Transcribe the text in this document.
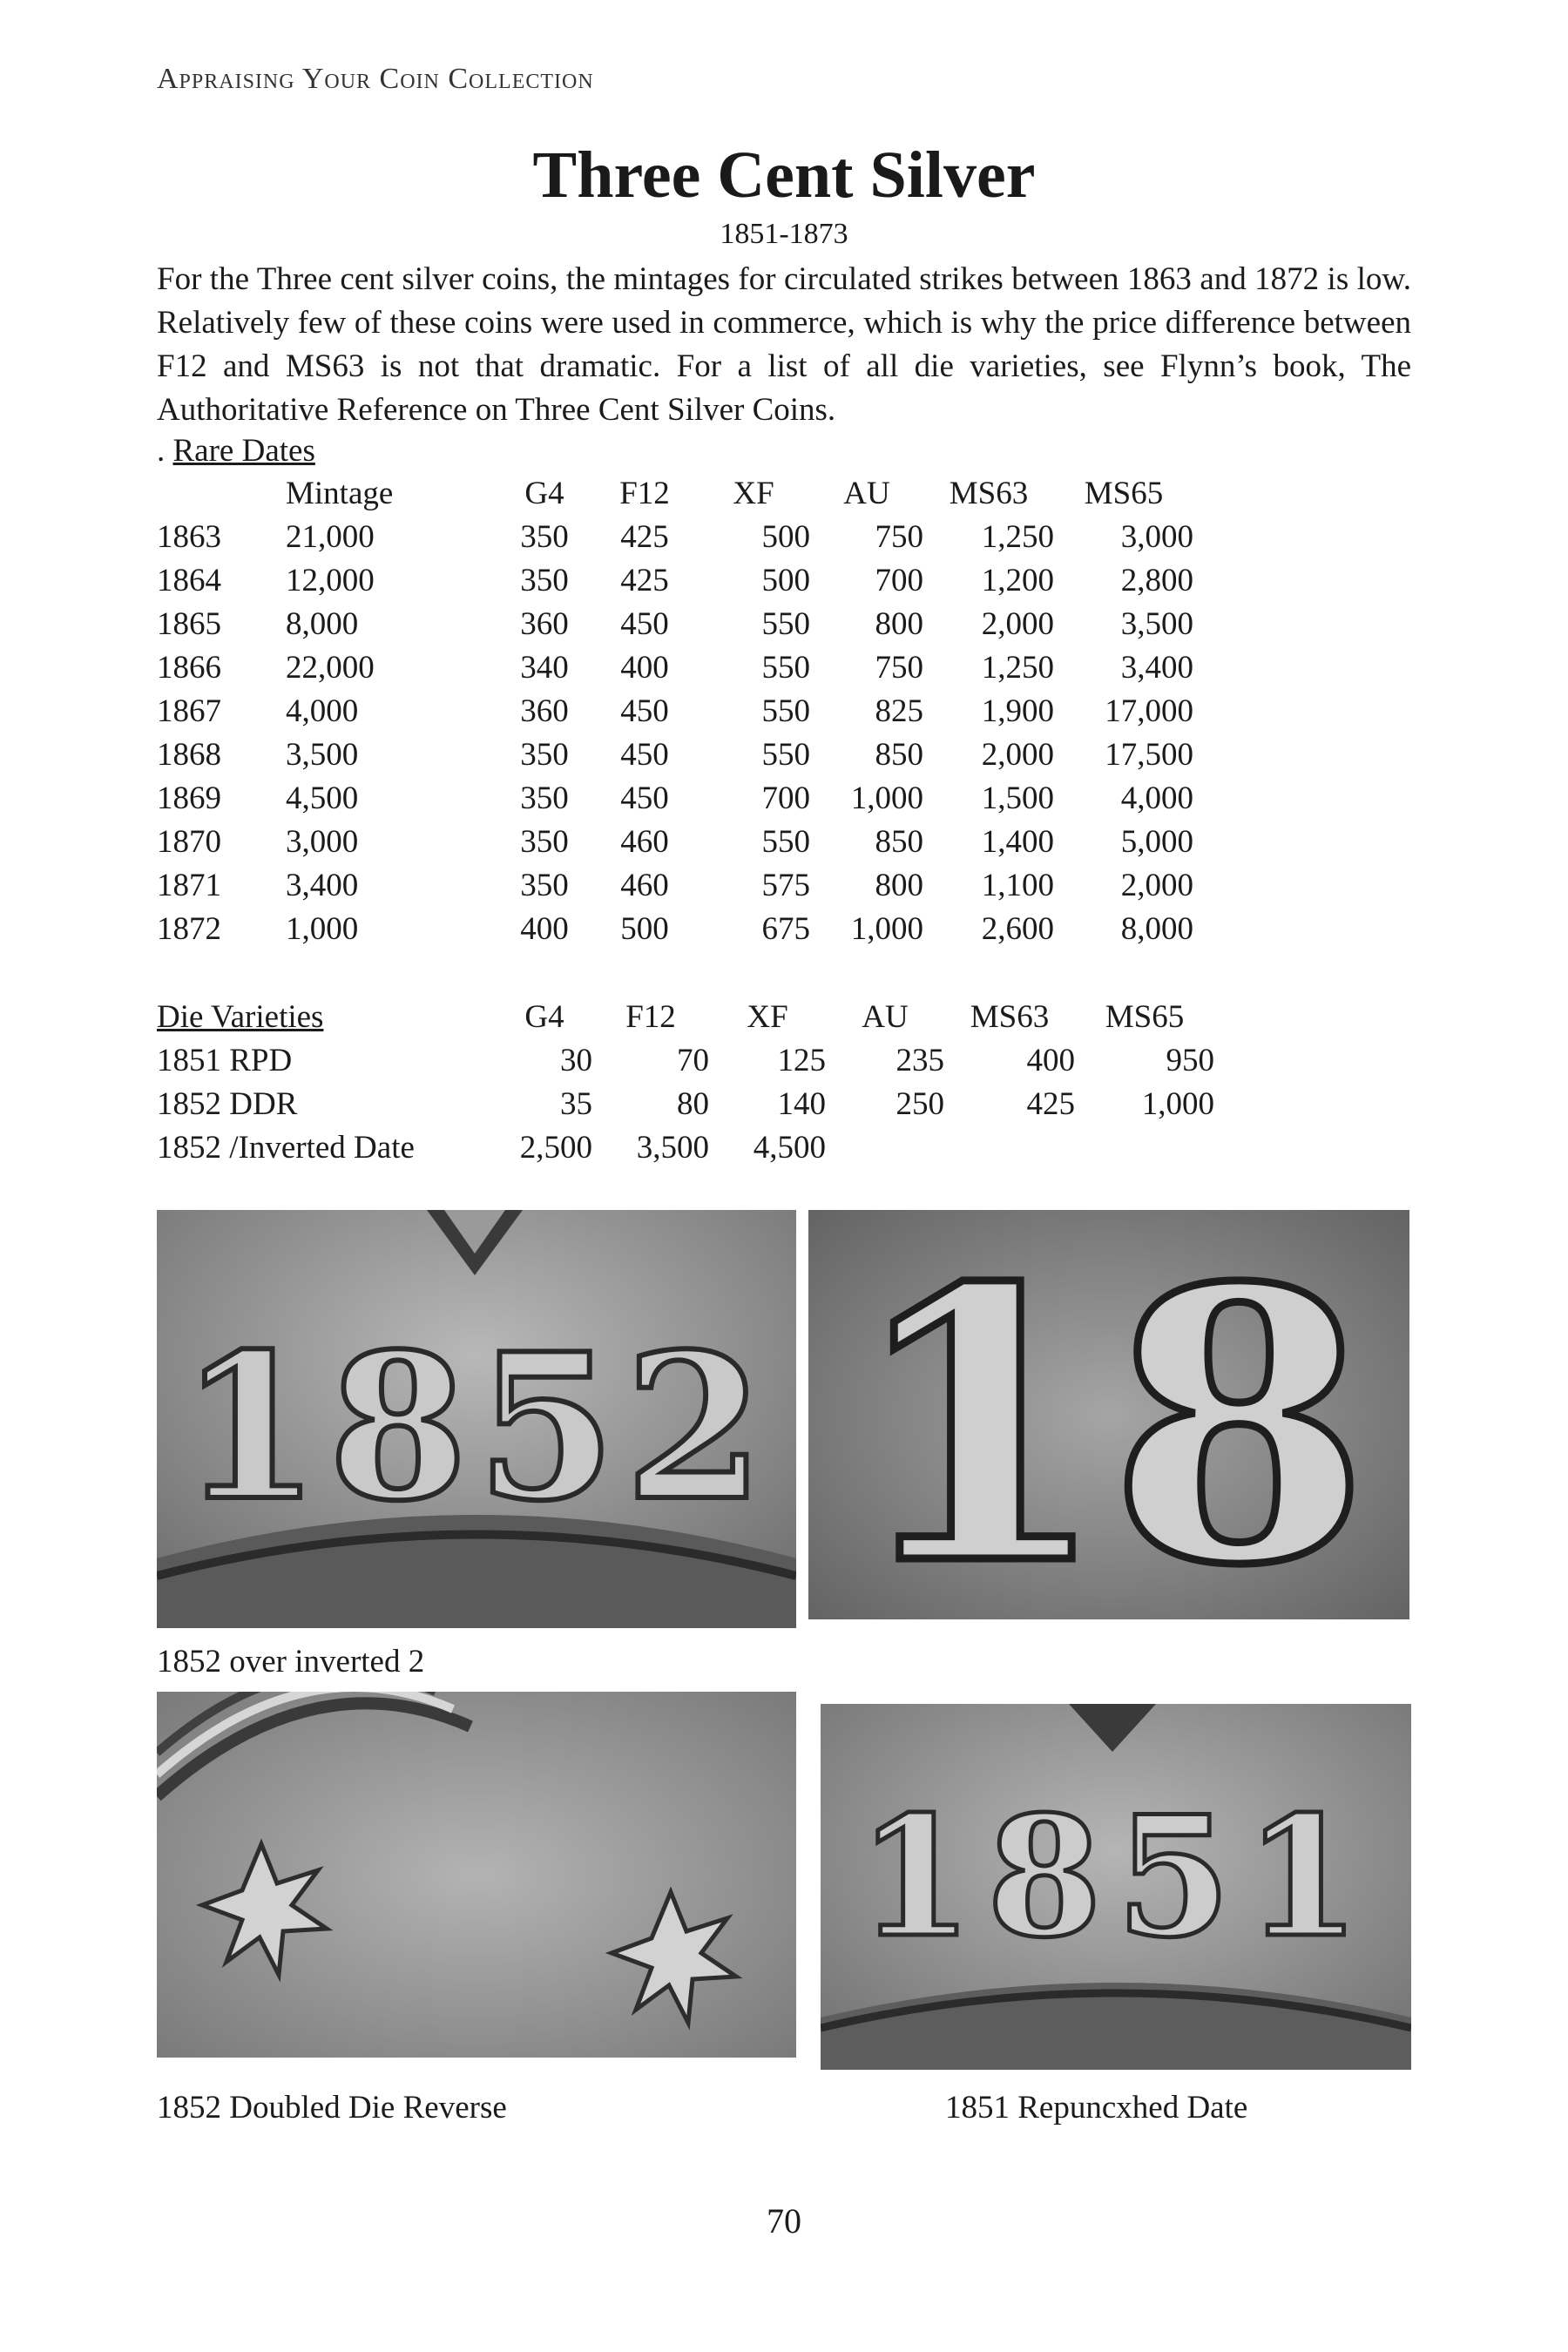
Appraising Your Coin Collection
Three Cent Silver
1851-1873

For the Three cent silver coins, the mintages for circulated strikes between 1863 and 1872 is low. Relatively few of these coins were used in commerce, which is why the price difference between F12 and MS63 is not that dramatic. For a list of all die varieties, see Flynn’s book, The Authoritative Reference on Three Cent Silver Coins.

. Rare Dates
	Mintage	G4	F12	XF	AU	MS63	MS65
1863	21,000	350	425	500	750	1,250	3,000
1864	12,000	350	425	500	700	1,200	2,800
1865	8,000	360	450	550	800	2,000	3,500
1866	22,000	340	400	550	750	1,250	3,400
1867	4,000	360	450	550	825	1,900	17,000
1868	3,500	350	450	550	850	2,000	17,500
1869	4,500	350	450	700	1,000	1,500	4,000
1870	3,000	350	460	550	850	1,400	5,000
1871	3,400	350	460	575	800	1,100	2,000
1872	1,000	400	500	675	1,000	2,600	8,000
Die Varieties	G4	F12	XF	AU	MS63	MS65
1851 RPD	30	70	125	235	400	950
1852 DDR	35	80	140	250	425	1,000
1852 /Inverted Date	2,500	3,500	4,500			
1852 18
1852 over inverted 2
1851
1852 Doubled Die Reverse	1851 Repuncxhed Date
70
